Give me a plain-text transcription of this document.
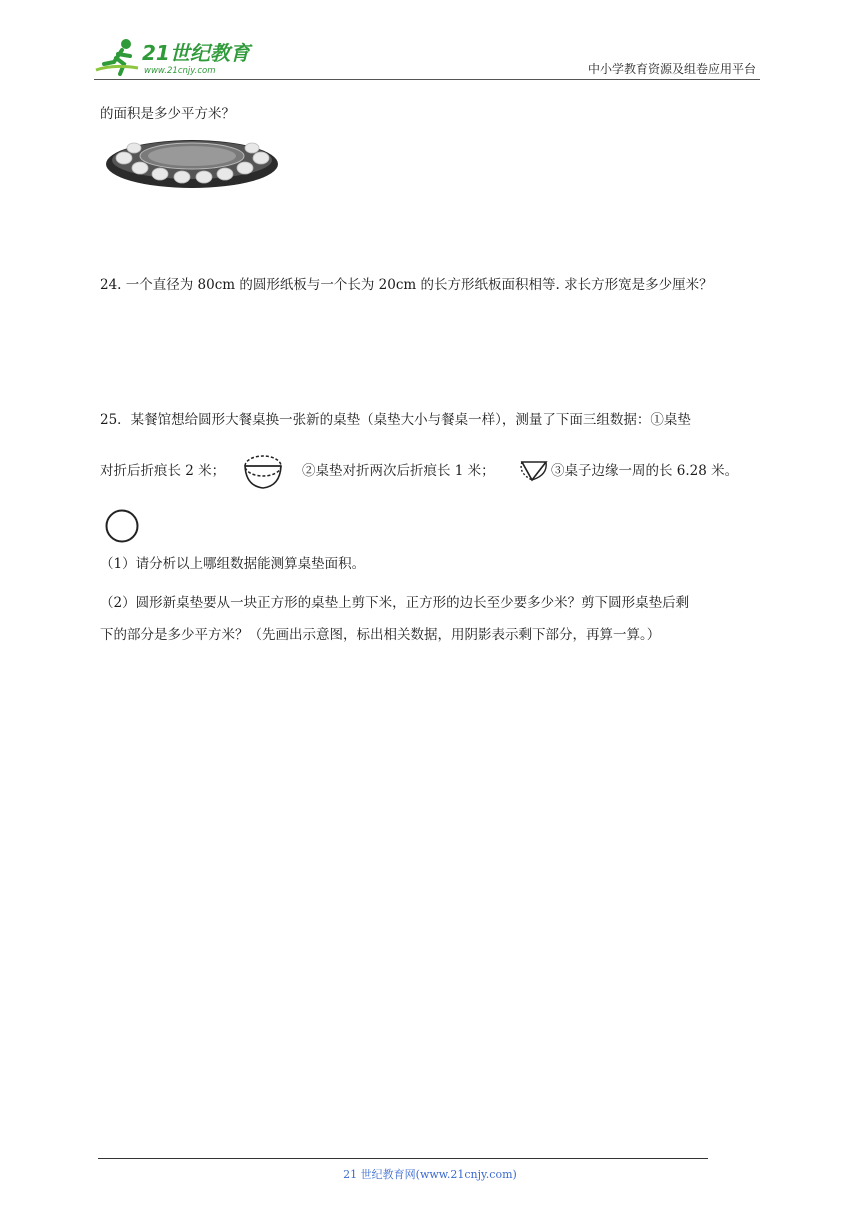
21世纪教育
www.21cnjy.com	中小学教育资源及组卷应用平台
的面积是多少平方米？
24. 一个直径为 80cm 的圆形纸板与一个长为 20cm 的长方形纸板面积相等. 求长方形宽是多少厘米？
25．某餐馆想给圆形大餐桌换一张新的桌垫（桌垫大小与餐桌一样），测量了下面三组数据：①桌垫
对折后折痕长 2 米；	②桌垫对折两次后折痕长 1 米；	③桌子边缘一周的长 6.28 米。
（1）请分析以上哪组数据能测算桌垫面积。
（2）圆形新桌垫要从一块正方形的桌垫上剪下米，正方形的边长至少要多少米？剪下圆形桌垫后剩
下的部分是多少平方米？（先画出示意图，标出相关数据，用阴影表示剩下部分，再算一算。）
21 世纪教育网(www.21cnjy.com)
